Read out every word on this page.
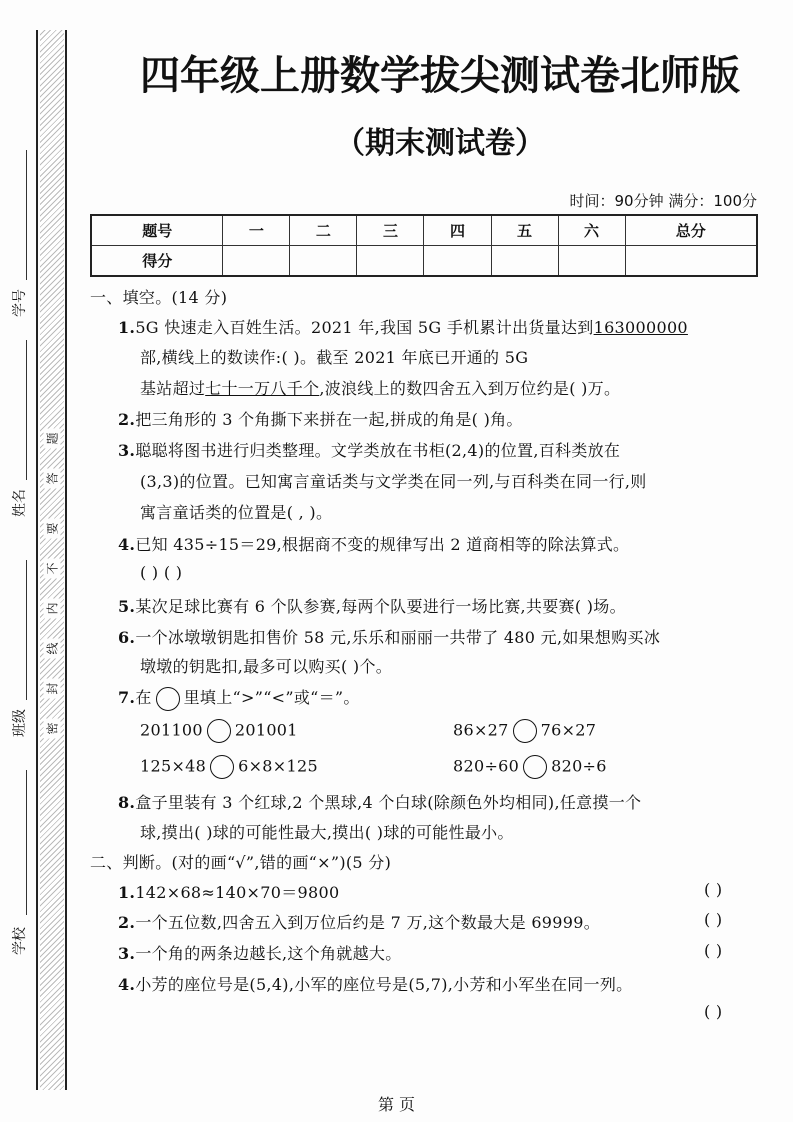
学号
姓名
班级
学校
密
封
线
内
不
要
答
题
四年级上册数学拔尖测试卷北师版
（期末测试卷）
时间：90分钟 满分：100分
题号	一	二	三	四	五	六	总分
得分							
一、填空。(14 分)
1.5G 快速走入百姓生活。2021 年,我国 5G 手机累计出货量达到163000000
部,横线上的数读作:( )。截至 2021 年底已开通的 5G
基站超过七十一万八千个,波浪线上的数四舍五入到万位约是( )万。
2.把三角形的 3 个角撕下来拼在一起,拼成的角是( )角。
3.聪聪将图书进行归类整理。文学类放在书柜(2,4)的位置,百科类放在
(3,3)的位置。已知寓言童话类与文学类在同一列,与百科类在同一行,则
寓言童话类的位置是( , )。
4.已知 435÷15＝29,根据商不变的规律写出 2 道商相等的除法算式。
( ) ( )
5.某次足球比赛有 6 个队参赛,每两个队要进行一场比赛,共要赛( )场。
6.一个冰墩墩钥匙扣售价 58 元,乐乐和丽丽一共带了 480 元,如果想购买冰
墩墩的钥匙扣,最多可以购买( )个。
7.在 里填上“>”“<”或“＝”。
201100 201001	86×27 76×27
125×48 6×8×125	820÷60 820÷6
8.盒子里装有 3 个红球,2 个黑球,4 个白球(除颜色外均相同),任意摸一个
球,摸出( )球的可能性最大,摸出( )球的可能性最小。
二、判断。(对的画“√”,错的画“×”)(5 分)
1.142×68≈140×70＝9800	( )
2.一个五位数,四舍五入到万位后约是 7 万,这个数最大是 69999。	( )
3.一个角的两条边越长,这个角就越大。	( )
4.小芳的座位号是(5,4),小军的座位号是(5,7),小芳和小军坐在同一列。
( )
第 页
